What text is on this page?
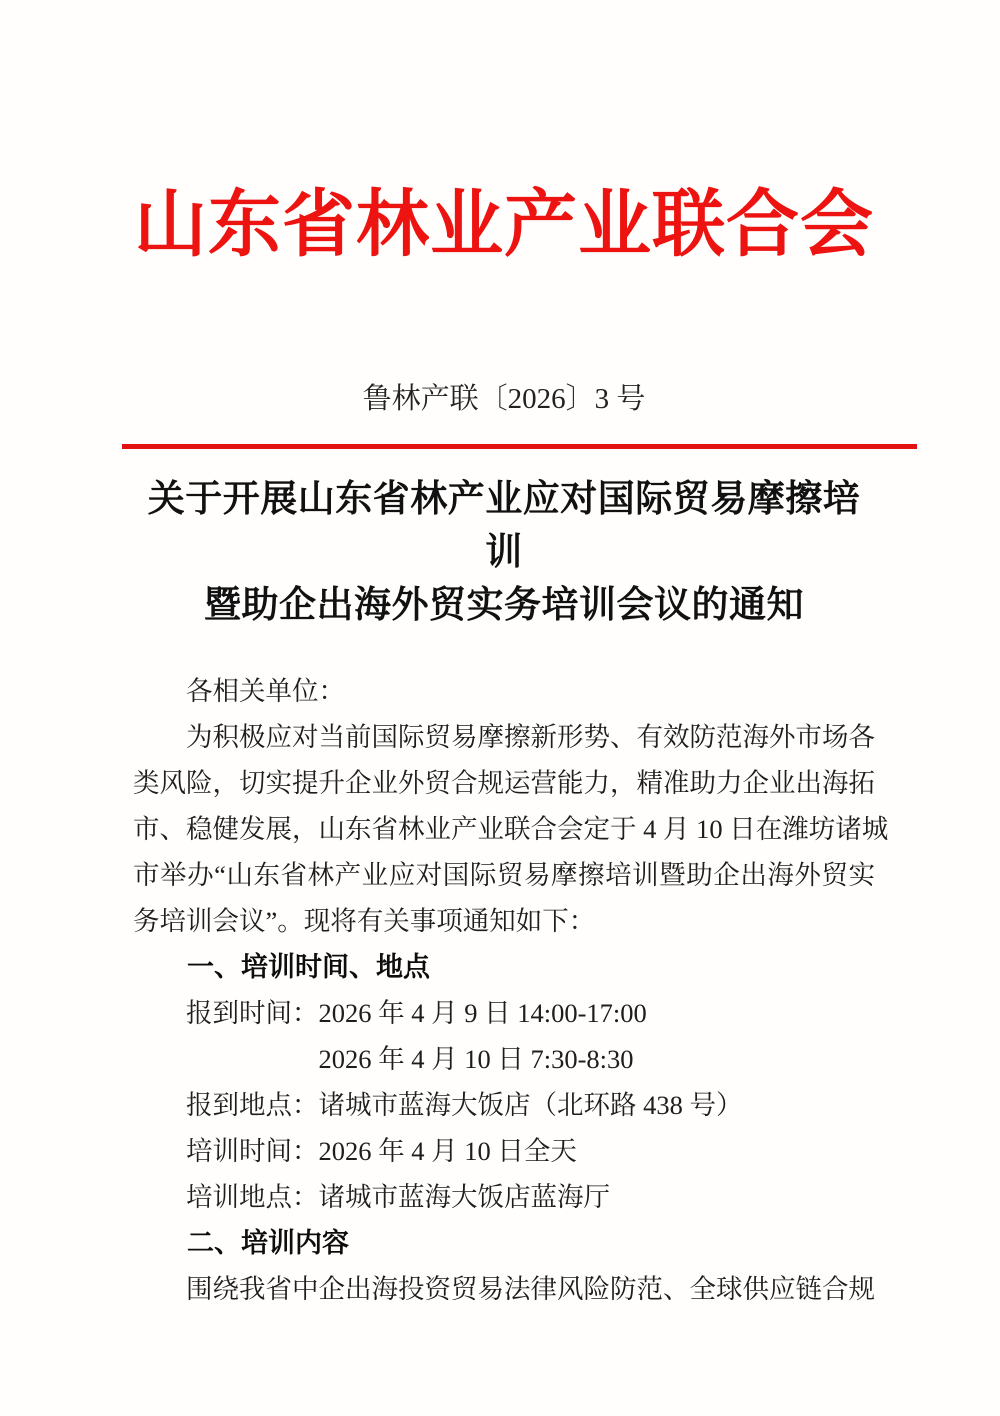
山东省林业产业联合会
鲁林产联〔2026〕3 号
关于开展山东省林产业应对国际贸易摩擦培训
暨助企出海外贸实务培训会议的通知
各相关单位：
为积极应对当前国际贸易摩擦新形势、有效防范海外市场各
类风险，切实提升企业外贸合规运营能力，精准助力企业出海拓
市、稳健发展，山东省林业产业联合会定于 4 月 10 日在潍坊诸城
市举办“山东省林产业应对国际贸易摩擦培训暨助企出海外贸实
务培训会议”。现将有关事项通知如下：
一、培训时间、地点
报到时间：2026 年 4 月 9 日 14:00-17:00
2026 年 4 月 10 日 7:30-8:30
报到地点：诸城市蓝海大饭店（北环路 438 号）
培训时间：2026 年 4 月 10 日全天
培训地点：诸城市蓝海大饭店蓝海厅
二、培训内容
围绕我省中企出海投资贸易法律风险防范、全球供应链合规
